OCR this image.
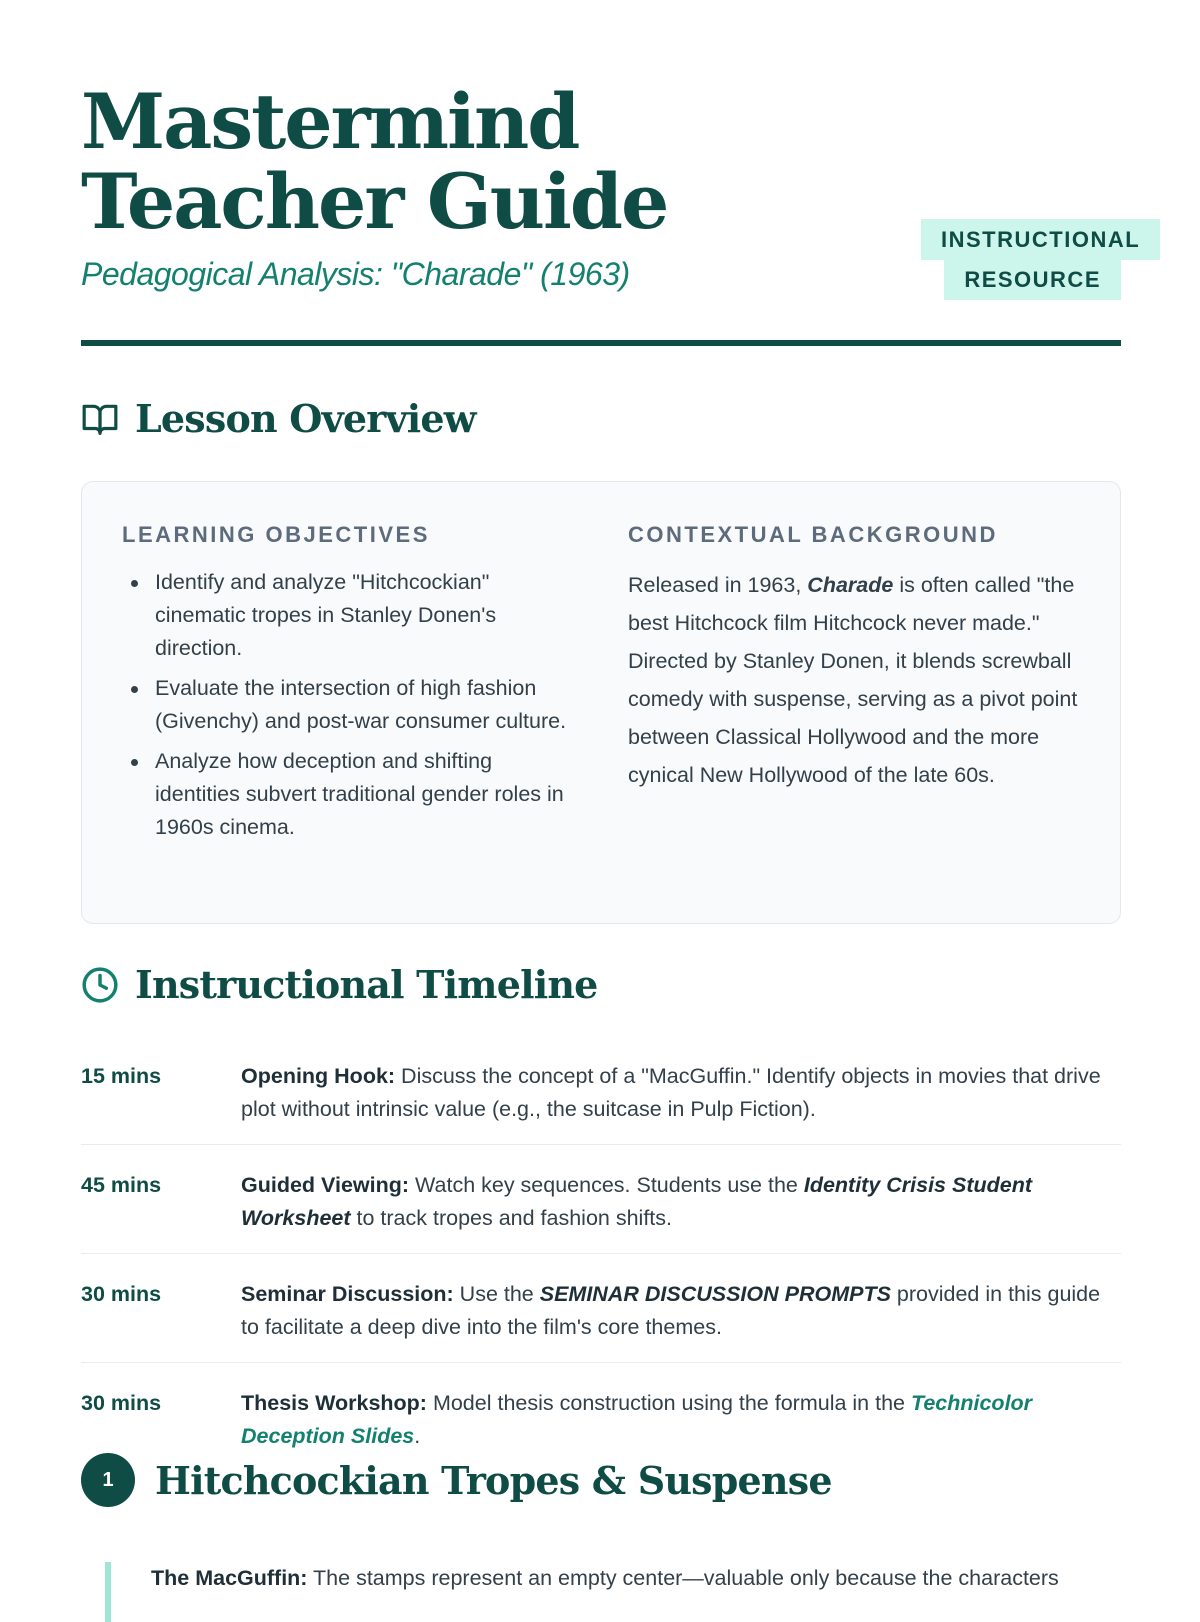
Mastermind
Teacher Guide
Pedagogical Analysis: "Charade" (1963)
INSTRUCTIONAL
RESOURCE
Lesson Overview
LEARNING OBJECTIVES
Identify and analyze "Hitchcockian" cinematic tropes in Stanley Donen's direction.
Evaluate the intersection of high fashion (Givenchy) and post-war consumer culture.
Analyze how deception and shifting identities subvert traditional gender roles in 1960s cinema.
CONTEXTUAL BACKGROUND

Released in 1963, Charade is often called "the best Hitchcock film Hitchcock never made." Directed by Stanley Donen, it blends screwball comedy with suspense, serving as a pivot point between Classical Hollywood and the more cynical New Hollywood of the late 60s.

Instructional Timeline
15 mins	Opening Hook: Discuss the concept of a "MacGuffin." Identify objects in movies that drive plot without intrinsic value (e.g., the suitcase in Pulp Fiction).
45 mins	Guided Viewing: Watch key sequences. Students use the Identity Crisis Student Worksheet to track tropes and fashion shifts.
30 mins	Seminar Discussion: Use the SEMINAR DISCUSSION PROMPTS provided in this guide to facilitate a deep dive into the film's core themes.
30 mins	Thesis Workshop: Model thesis construction using the formula in the Technicolor Deception Slides.
1	Hitchcockian Tropes & Suspense
The MacGuffin: The stamps represent an empty center—valuable only because the characters
